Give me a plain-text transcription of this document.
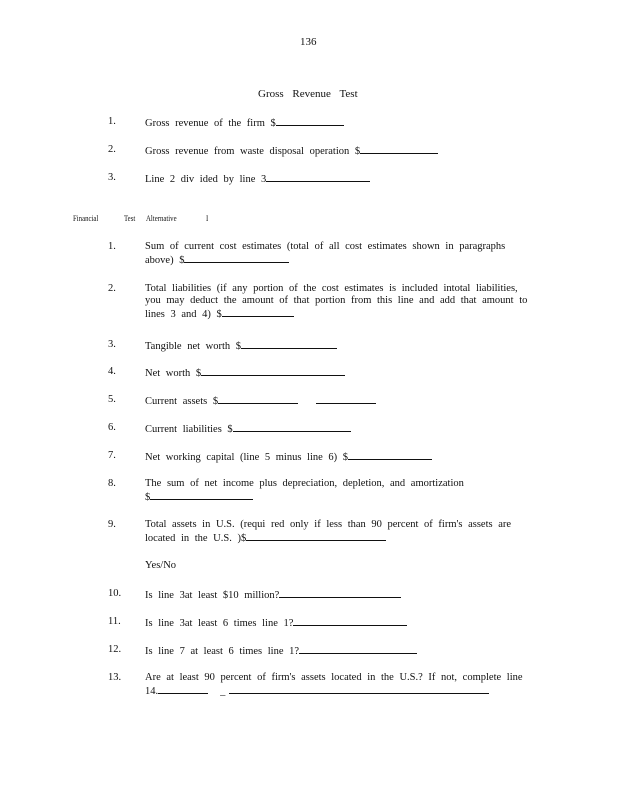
136
Gross Revenue Test
1.	Gross revenue of the firm $
2.	Gross revenue from waste disposal operation $
3.	Line 2 div ided by line 3
Financial	Test Alternative	I
1.	Sum of current cost estimates (total of all cost estimates shown in paragraphs
above) $
2.	Total liabilities (if any portion of the cost estimates is included intotal liabilities,
you may deduct the amount of that portion from this line and add that amount to
lines 3 and 4) $
3.	Tangible net worth $
4.	Net worth $
5.	Current assets $
6.	Current liabilities $
7.	Net working capital (line 5 minus line 6) $
8.	The sum of net income plus depreciation, depletion, and amortization
$
9.	Total assets in U.S. (requi red only if less than 90 percent of firm's assets are
located in the U.S. )$
Yes/No
10. Is line 3at least $10 million?
11. Is line 3at least 6 times line 1?
12. Is line 7 at least 6 times line 1?
13. Are at least 90 percent of firm's assets located in the U.S.? If not, complete line
14.	_
